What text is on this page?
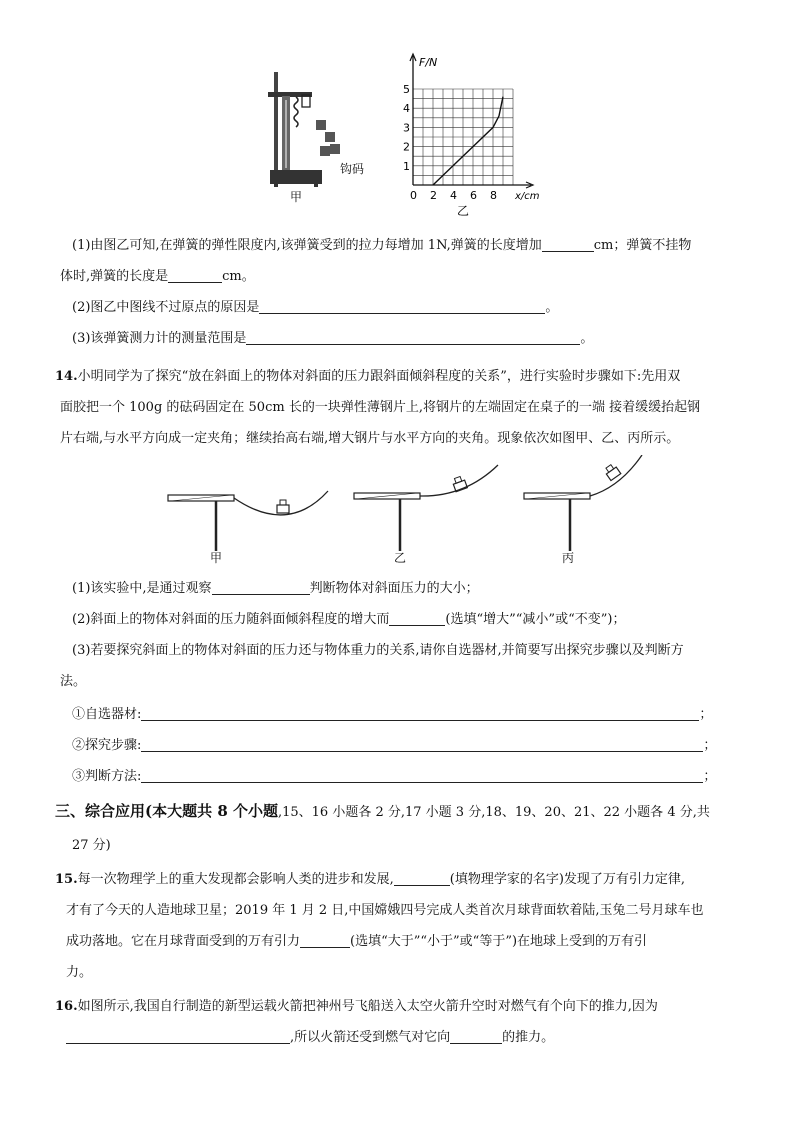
甲
钩码
F/N
x/cm
1
2
3
4
5
0 2 4 6 8
乙
(1)由图乙可知,在弹簧的弹性限度内,该弹簧受到的拉力每增加 1N,弹簧的长度增加	cm；弹簧不挂物
体时,弹簧的长度是	cm。
(2)图乙中图线不过原点的原因是	。
(3)该弹簧测力计的测量范围是	。
14.小明同学为了探究“放在斜面上的物体对斜面的压力跟斜面倾斜程度的关系”，进行实验时步骤如下:先用双
面胶把一个 100g 的砝码固定在 50cm 长的一块弹性薄钢片上,将钢片的左端固定在桌子的一端 接着缓缓抬起钢
片右端,与水平方向成一定夹角；继续抬高右端,增大钢片与水平方向的夹角。现象依次如图甲、乙、丙所示。
甲	乙	丙
(1)该实验中,是通过观察	判断物体对斜面压力的大小；
(2)斜面上的物体对斜面的压力随斜面倾斜程度的增大而	(选填“增大”“减小”或“不变”)；
(3)若要探究斜面上的物体对斜面的压力还与物体重力的关系,请你自选器材,并简要写出探究步骤以及判断方
法。
①自选器材:	；
②探究步骤:	；
③判断方法:	；
三、综合应用(本大题共 8 个小题,15、16 小题各 2 分,17 小题 3 分,18、19、20、21、22 小题各 4 分,共
27 分)
15.每一次物理学上的重大发现都会影响人类的进步和发展,	(填物理学家的名字)发现了万有引力定律,
才有了今天的人造地球卫星；2019 年 1 月 2 日,中国嫦娥四号完成人类首次月球背面软着陆,玉兔二号月球车也
成功落地。它在月球背面受到的万有引力	(选填“大于”“小于”或“等于”)在地球上受到的万有引
力。
16.如图所示,我国自行制造的新型运载火箭把神州号飞船送入太空火箭升空时对燃气有个向下的推力,因为
,所以火箭还受到燃气对它向	的推力。
